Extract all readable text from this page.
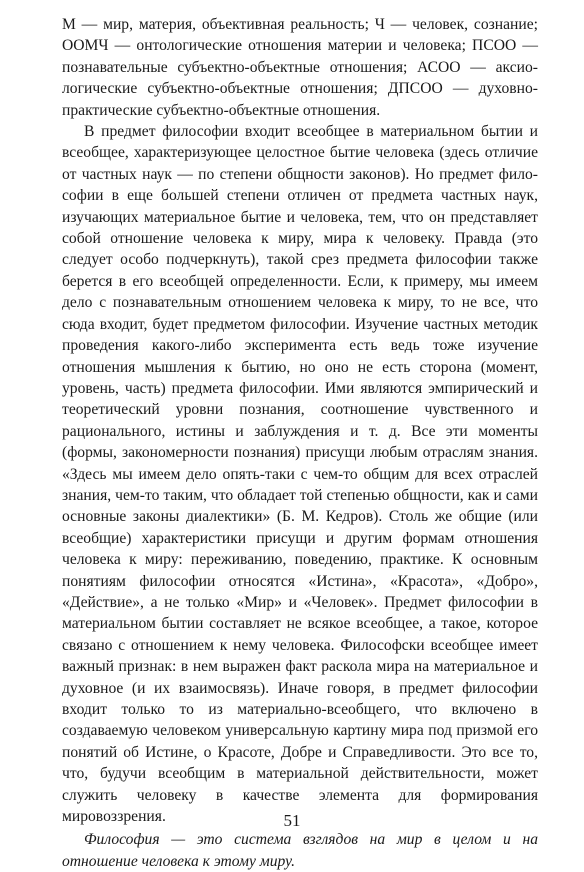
М — мир, материя, объективная реальность; Ч — человек, сознание; ООМЧ — онтологические отношения материи и человека; ПСОО — познавательные субъектно-объектные отношения; АСОО — аксиологические субъектно-объектные отношения; ДПСОО — духовно-практические субъектно-объектные отношения.

В предмет философии входит всеобщее в материальном бытии и всеобщее, характеризующее целостное бытие человека (здесь отличие от частных наук — по степени общности законов). Но предмет философии в еще большей степени отличен от предмета частных наук, изучающих материальное бытие и человека, тем, что он представляет собой отношение человека к миру, мира к человеку. Правда (это следует особо подчеркнуть), такой срез предмета философии также берется в его всеобщей определенности. Если, к примеру, мы имеем дело с познавательным отношением человека к миру, то не все, что сюда входит, будет предметом философии. Изучение частных методик проведения какого-либо эксперимента есть ведь тоже изучение отношения мышления к бытию, но оно не есть сторона (момент, уровень, часть) предмета философии. Ими являются эмпирический и теоретический уровни познания, соотношение чувственного и рационального, истины и заблуждения и т. д. Все эти моменты (формы, закономерности познания) присущи любым отраслям знания. «Здесь мы имеем дело опять-таки с чем-то общим для всех отраслей знания, чем-то таким, что обладает той степенью общности, как и сами основные законы диалектики» (Б. М. Кедров). Столь же общие (или всеобщие) характеристики присущи и другим формам отношения человека к миру: переживанию, поведению, практике. К основным понятиям философии относятся «Истина», «Красота», «Добро», «Действие», а не только «Мир» и «Человек». Предмет философии в материальном бытии составляет не всякое всеобщее, а такое, которое связано с отношением к нему человека. Философски всеобщее имеет важный признак: в нем выражен факт раскола мира на материальное и духовное (и их взаимосвязь). Иначе говоря, в предмет философии входит только то из материально-всеобщего, что включено в создаваемую человеком универсальную картину мира под призмой его понятий об Истине, о Красоте, Добре и Справедливости. Это все то, что, будучи всеобщим в материальной действительности, может служить человеку в качестве элемента для формирования мировоззрения.

Философия — это система взглядов на мир в целом и на отношение человека к этому миру.

51
